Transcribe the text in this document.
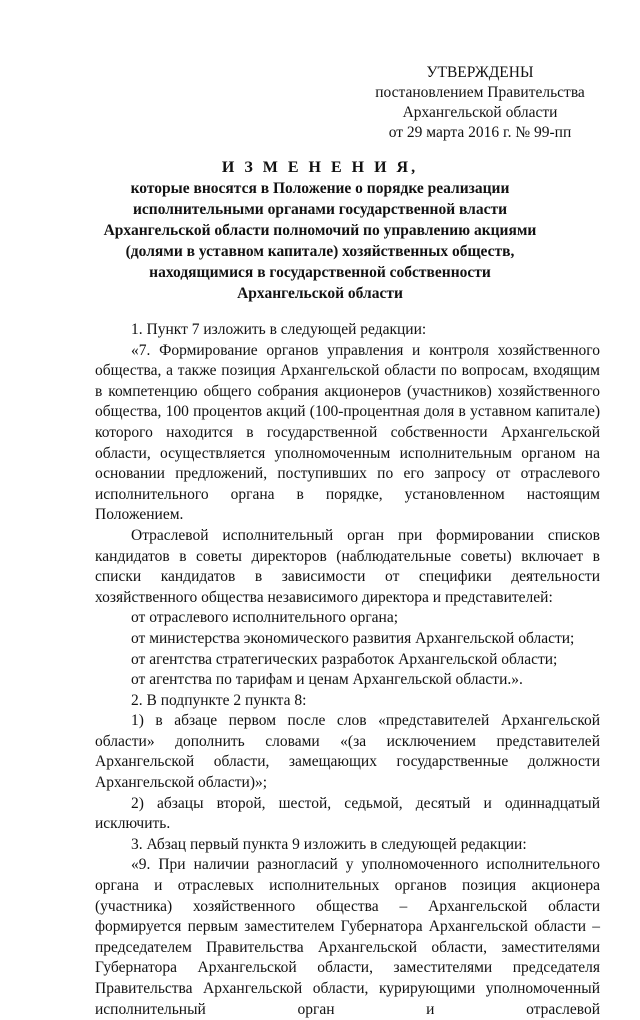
УТВЕРЖДЕНЫ
постановлением Правительства
Архангельской области
от 29 марта 2016 г. № 99-пп
И З М Е Н Е Н И Я,
которые вносятся в Положение о порядке реализации
исполнительными органами государственной власти
Архангельской области полномочий по управлению акциями
(долями в уставном капитале) хозяйственных обществ,
находящимися в государственной собственности
Архангельской области

1. Пункт 7 изложить в следующей редакции:

«7. Формирование органов управления и контроля хозяйственного общества, а также позиция Архангельской области по вопросам, входящим в компетенцию общего собрания акционеров (участников) хозяйственного общества, 100 процентов акций (100-процентная доля в уставном капитале) которого находится в государственной собственности Архангельской области, осуществляется уполномоченным исполнительным органом на основании предложений, поступивших по его запросу от отраслевого исполнительного органа в порядке, установленном настоящим Положением.

Отраслевой исполнительный орган при формировании списков кандидатов в советы директоров (наблюдательные советы) включает в списки кандидатов в зависимости от специфики деятельности хозяйственного общества независимого директора и представителей:

от отраслевого исполнительного органа;

от министерства экономического развития Архангельской области;

от агентства стратегических разработок Архангельской области;

от агентства по тарифам и ценам Архангельской области.».

2. В подпункте 2 пункта 8:

1) в абзаце первом после слов «представителей Архангельской области» дополнить словами «(за исключением представителей Архангельской области, замещающих государственные должности Архангельской области)»;

2) абзацы второй, шестой, седьмой, десятый и одиннадцатый исключить.

3. Абзац первый пункта 9 изложить в следующей редакции:

«9. При наличии разногласий у уполномоченного исполнительного органа и отраслевых исполнительных органов позиция акционера (участника) хозяйственного общества – Архангельской области формируется первым заместителем Губернатора Архангельской области – председателем Правительства Архангельской области, заместителями Губернатора Архангельской области, заместителями председателя Правительства Архангельской области, курирующими уполномоченный исполнительный орган и отраслевой
